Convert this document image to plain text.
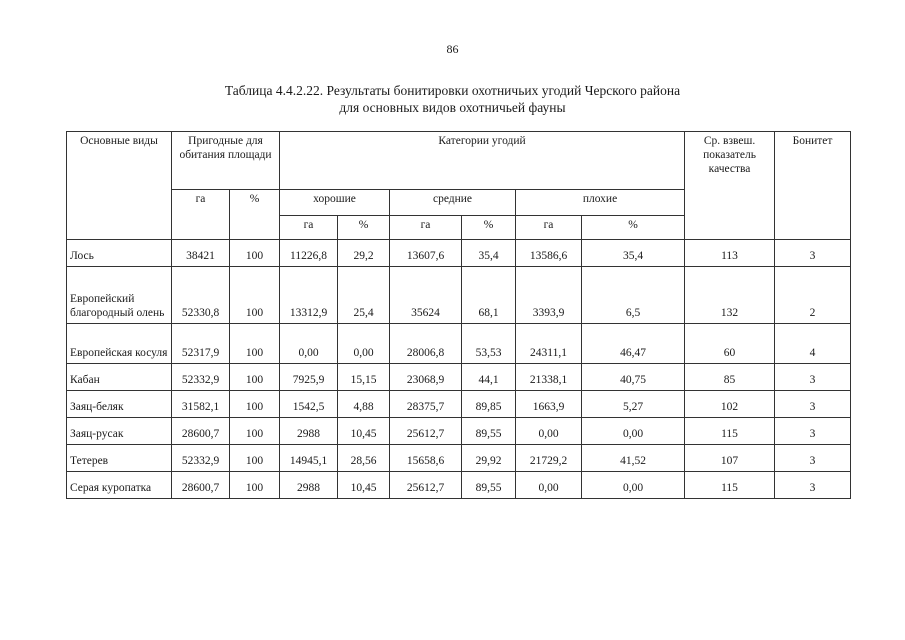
86
Таблица 4.4.2.22. Результаты бонитировки охотничьих угодий Черского района
для основных видов охотничьей фауны
Основные виды	Пригодные для обитания площади		Категории угодий						Ср. взвеш. показатель качества	Бонитет
	га	%	хорошие		средние		плохие			
			га	%	га	%	га	%		
Лось	38421	100	11226,8	29,2	13607,6	35,4	13586,6	35,4	113	3
Европейский благородный олень	52330,8	100	13312,9	25,4	35624	68,1	3393,9	6,5	132	2
Европейская косуля	52317,9	100	0,00	0,00	28006,8	53,53	24311,1	46,47	60	4
Кабан	52332,9	100	7925,9	15,15	23068,9	44,1	21338,1	40,75	85	3
Заяц-беляк	31582,1	100	1542,5	4,88	28375,7	89,85	1663,9	5,27	102	3
Заяц-русак	28600,7	100	2988	10,45	25612,7	89,55	0,00	0,00	115	3
Тетерев	52332,9	100	14945,1	28,56	15658,6	29,92	21729,2	41,52	107	3
Серая куропатка	28600,7	100	2988	10,45	25612,7	89,55	0,00	0,00	115	3
